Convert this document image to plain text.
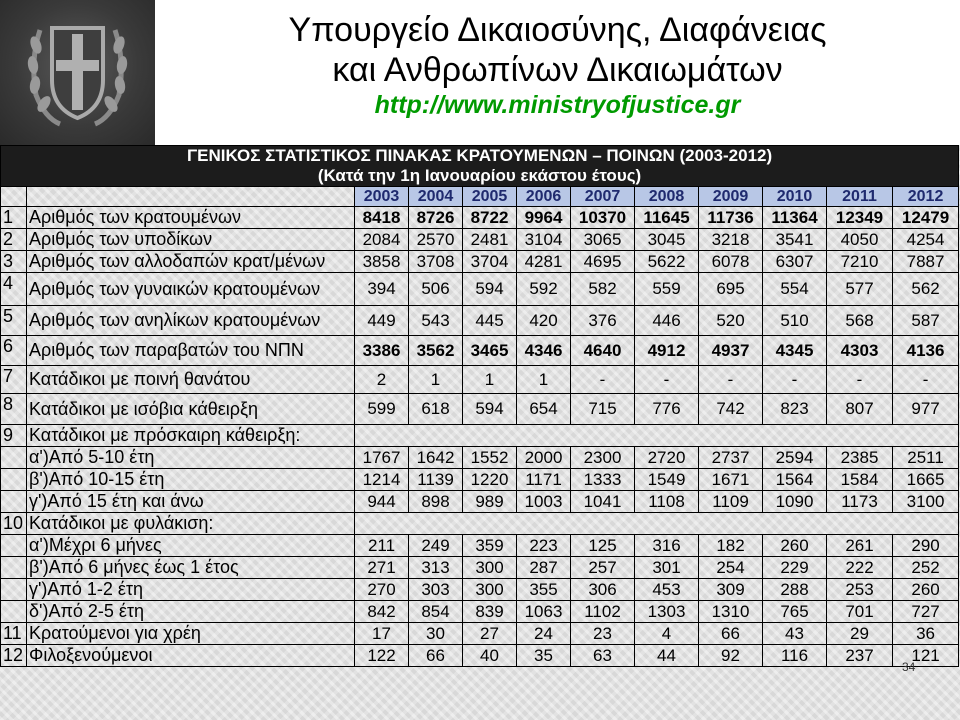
Υπουργείο Δικαιοσύνης, Διαφάνειας
και Ανθρωπίνων Δικαιωμάτων
http://www.ministryofjustice.gr
ΓΕΝΙΚΟΣ ΣΤΑΤΙΣΤΙΚΟΣ ΠΙΝΑΚΑΣ ΚΡΑΤΟΥΜΕΝΩΝ – ΠΟΙΝΩΝ (2003-2012)
(Κατά την 1η Ιανουαρίου εκάστου έτους)											

		2003	2004	2005	2006	2007	2008	2009	2010	2011	2012
1	Αριθμός των κρατουμένων	8418	8726	8722	9964	10370	11645	11736	11364	12349	12479
2	Αριθμός των υποδίκων	2084	2570	2481	3104	3065	3045	3218	3541	4050	4254
3	Αριθμός των αλλοδαπών κρατ/μένων	3858	3708	3704	4281	4695	5622	6078	6307	7210	7887
4	Αριθμός των γυναικών κρατουμένων	394	506	594	592	582	559	695	554	577	562
5	Αριθμός των ανηλίκων κρατουμένων	449	543	445	420	376	446	520	510	568	587
6	Αριθμός των παραβατών του ΝΠΝ	3386	3562	3465	4346	4640	4912	4937	4345	4303	4136
7	Κατάδικοι με ποινή θανάτου	2	1	1	1	-	-	-	-	-	-
8	Κατάδικοι με ισόβια κάθειρξη	599	618	594	654	715	776	742	823	807	977
9	Κατάδικοι με πρόσκαιρη κάθειρξη:										
	α')Από 5-10 έτη	1767	1642	1552	2000	2300	2720	2737	2594	2385	2511
	β')Από 10-15 έτη	1214	1139	1220	1171	1333	1549	1671	1564	1584	1665
	γ')Από 15 έτη και άνω	944	898	989	1003	1041	1108	1109	1090	1173	3100
10	Κατάδικοι με φυλάκιση:										
	α')Μέχρι 6 μήνες	211	249	359	223	125	316	182	260	261	290
	β')Από 6 μήνες έως 1 έτος	271	313	300	287	257	301	254	229	222	252
	γ')Από 1-2 έτη	270	303	300	355	306	453	309	288	253	260
	δ')Από 2-5 έτη	842	854	839	1063	1102	1303	1310	765	701	727
11	Κρατούμενοι για χρέη	17	30	27	24	23	4	66	43	29	36
12	Φιλοξενούμενοι	122	66	40	35	63	44	92	116	237	121
34
